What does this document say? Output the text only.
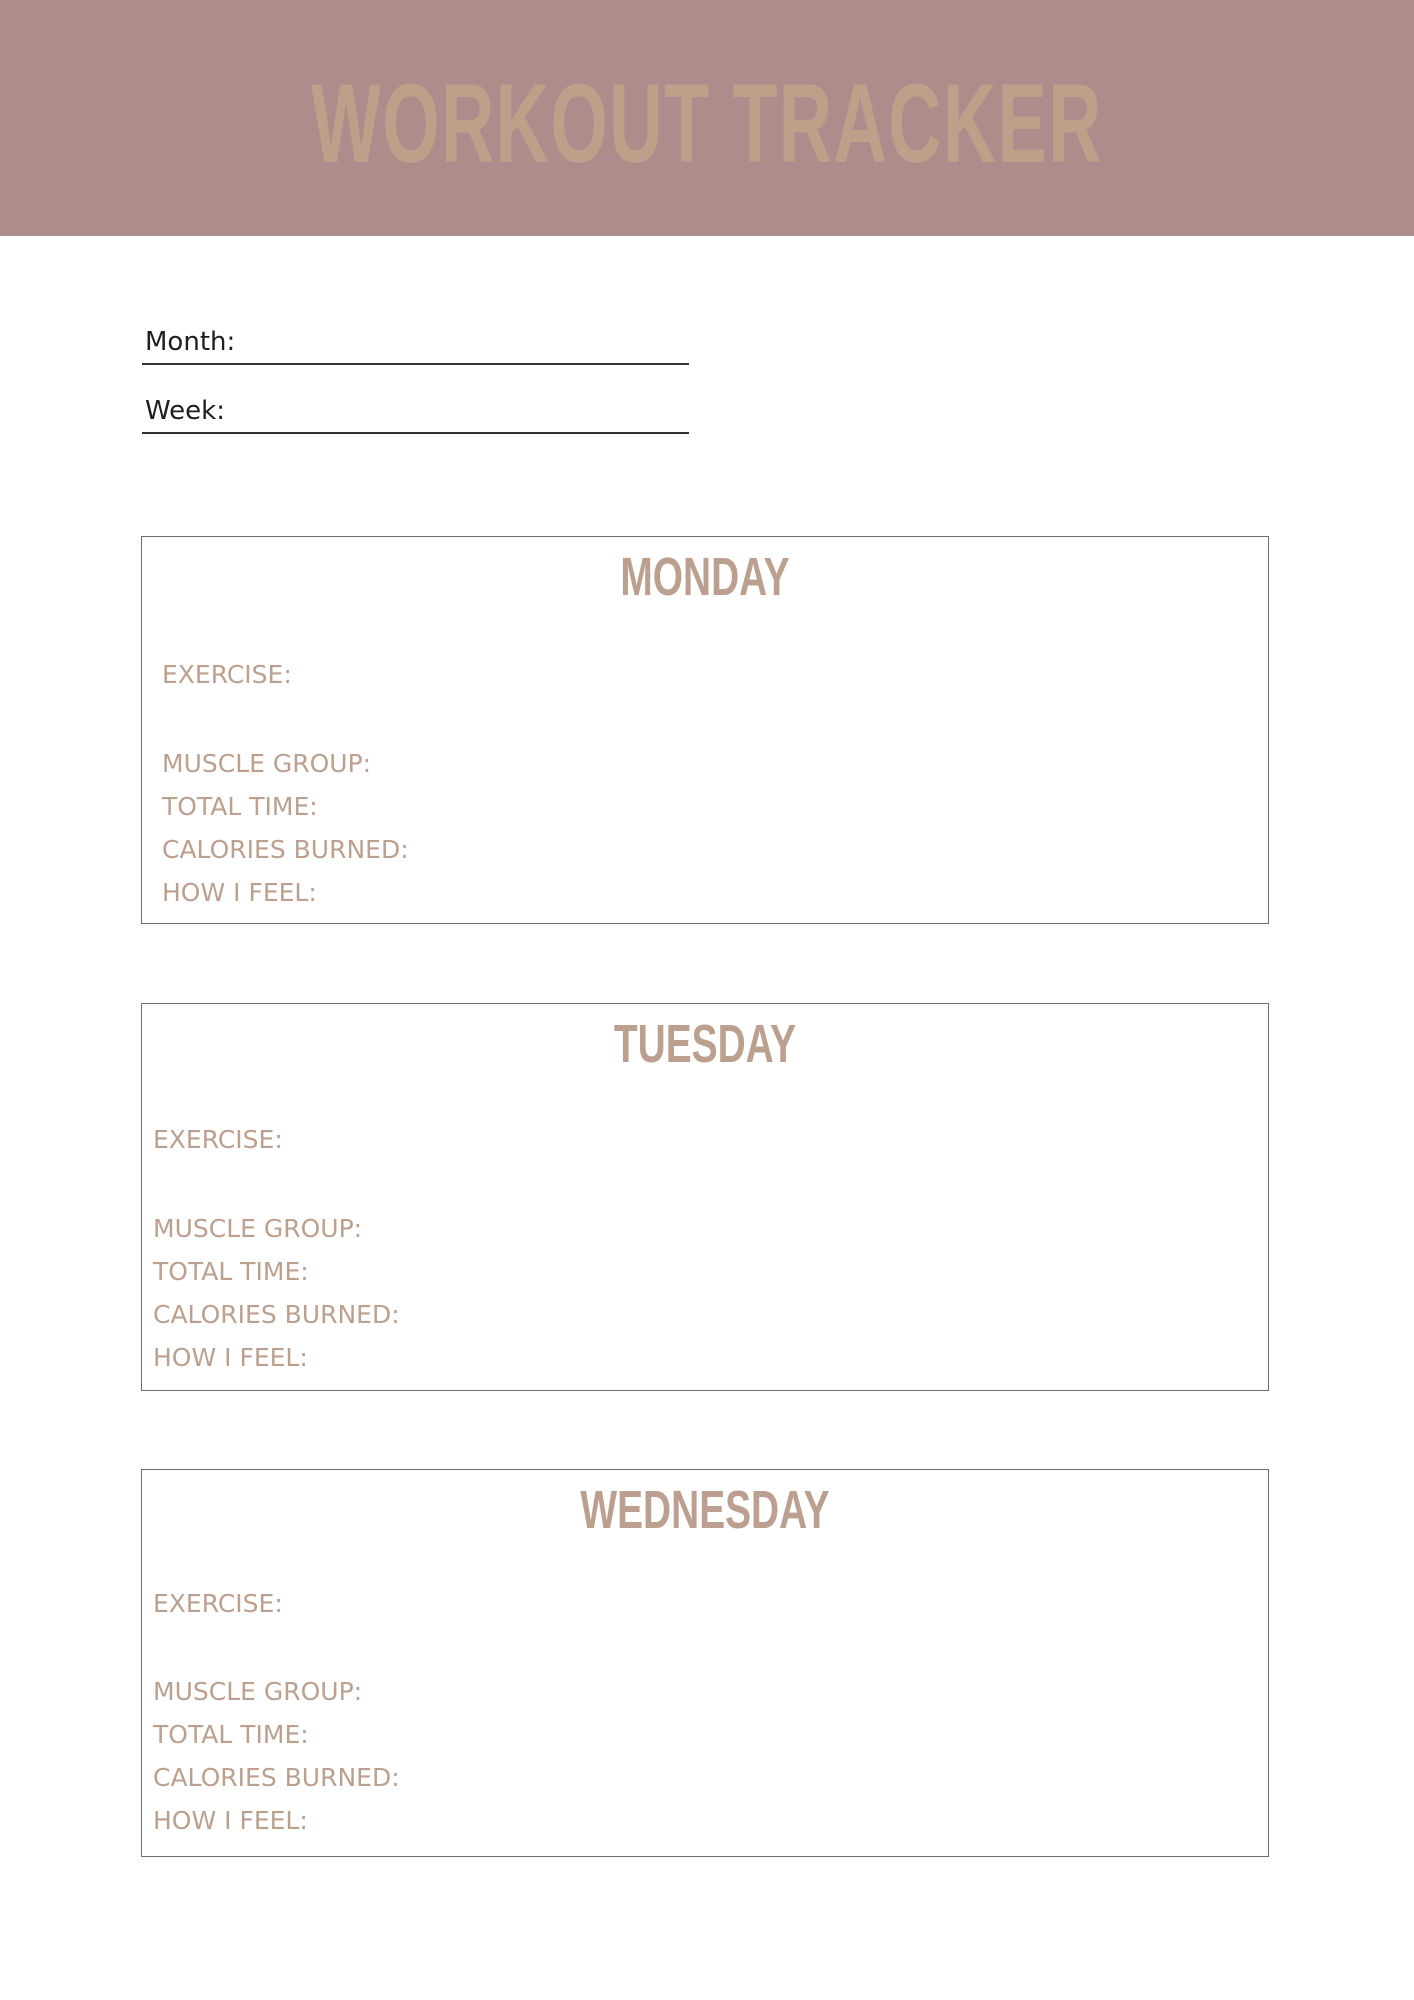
WORKOUT TRACKER
Month:
Week:
MONDAY
EXERCISE:
MUSCLE GROUP:
TOTAL TIME:
CALORIES BURNED:
HOW I FEEL:
TUESDAY
EXERCISE:
MUSCLE GROUP:
TOTAL TIME:
CALORIES BURNED:
HOW I FEEL:
WEDNESDAY
EXERCISE:
MUSCLE GROUP:
TOTAL TIME:
CALORIES BURNED:
HOW I FEEL:
